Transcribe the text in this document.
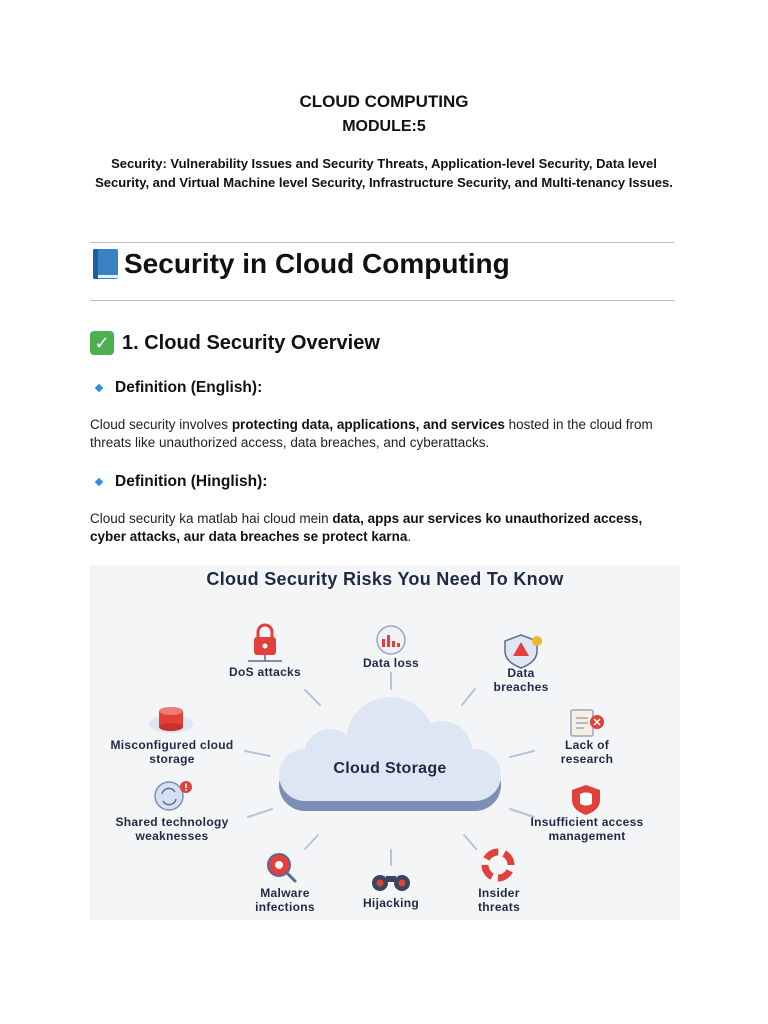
CLOUD COMPUTING
MODULE:5
Security: Vulnerability Issues and Security Threats, Application-level Security, Data level Security, and Virtual Machine level Security, Infrastructure Security, and Multi-tenancy Issues.
Security in Cloud Computing
✓ 1. Cloud Security Overview
Definition (English):
Cloud security involves protecting data, applications, and services hosted in the cloud from threats like unauthorized access, data breaches, and cyberattacks.
Definition (Hinglish):
Cloud security ka matlab hai cloud mein data, apps aur services ko unauthorized access, cyber attacks, aur data breaches se protect karna.
Cloud Security Risks You Need To Know
Cloud Storage
DoS attacks
Data loss
Data breaches
Misconfigured cloud storage
Lack of research
Shared technology weaknesses
Insufficient access management
Malware infections	Hijacking
Insider threats
